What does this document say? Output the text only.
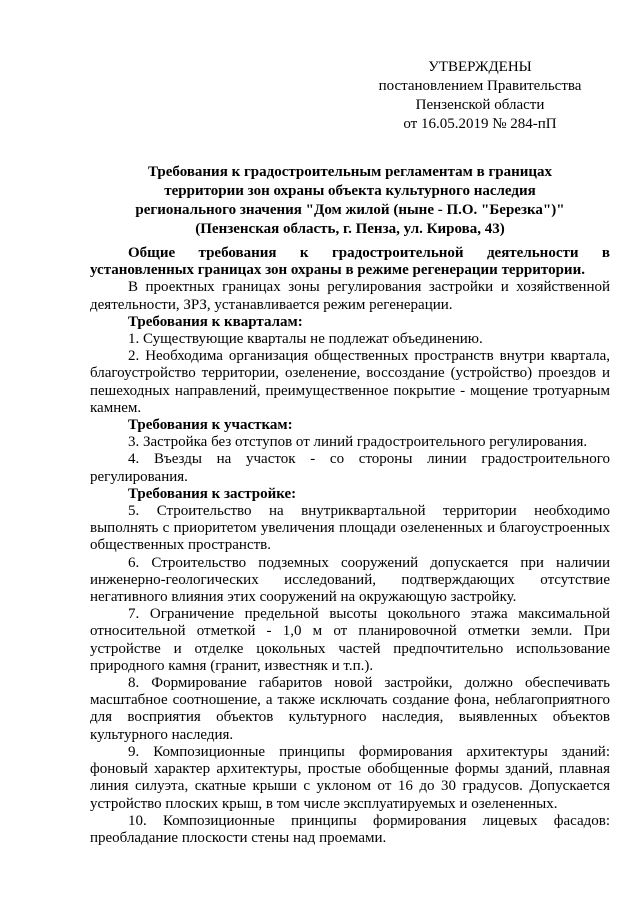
УТВЕРЖДЕНЫ
постановлением Правительства
Пензенской области
от 16.05.2019 № 284-пП
Требования к градостроительным регламентам в границах
территории зон охраны объекта культурного наследия
регионального значения "Дом жилой (ныне - П.О. "Березка")"
(Пензенская область, г. Пенза, ул. Кирова, 43)

Общие требования к градостроительной деятельности в установленных границах зон охраны в режиме регенерации территории.

В проектных границах зоны регулирования застройки и хозяйственной деятельности, ЗРЗ, устанавливается режим регенерации.

Требования к кварталам:

1. Существующие кварталы не подлежат объединению.

2. Необходима организация общественных пространств внутри квартала, благоустройство территории, озеленение, воссоздание (устройство) проездов и пешеходных направлений, преимущественное покрытие - мощение тротуарным камнем.

Требования к участкам:

3. Застройка без отступов от линий градостроительного регулирования.

4. Въезды на участок - со стороны линии градостроительного регулирования.

Требования к застройке:

5. Строительство на внутриквартальной территории необходимо выполнять с приоритетом увеличения площади озелененных и благоустроенных общественных пространств.

6. Строительство подземных сооружений допускается при наличии инженерно-геологических исследований, подтверждающих отсутствие негативного влияния этих сооружений на окружающую застройку.

7. Ограничение предельной высоты цокольного этажа максимальной относительной отметкой - 1,0 м от планировочной отметки земли. При устройстве и отделке цокольных частей предпочтительно использование природного камня (гранит, известняк и т.п.).

8. Формирование габаритов новой застройки, должно обеспечивать масштабное соотношение, а также исключать создание фона, неблагоприятного для восприятия объектов культурного наследия, выявленных объектов культурного наследия.

9. Композиционные принципы формирования архитектуры зданий: фоновый характер архитектуры, простые обобщенные формы зданий, плавная линия силуэта, скатные крыши с уклоном от 16 до 30 градусов. Допускается устройство плоских крыш, в том числе эксплуатируемых и озелененных.

10. Композиционные принципы формирования лицевых фасадов: преобладание плоскости стены над проемами.
